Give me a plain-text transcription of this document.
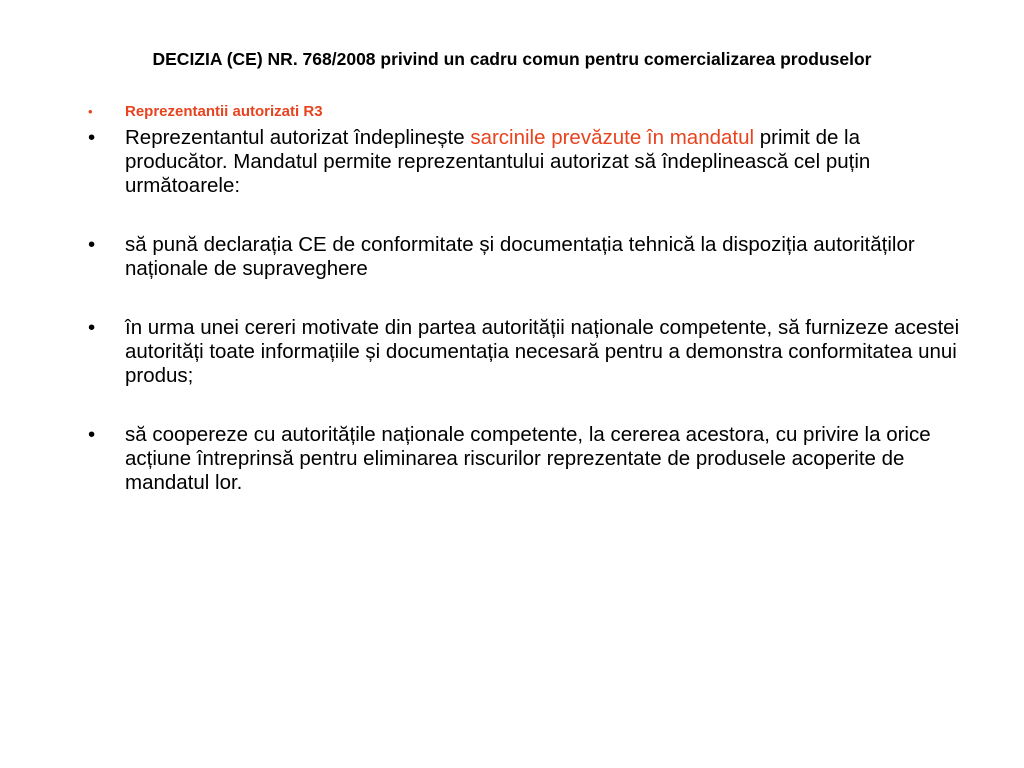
DECIZIA (CE) NR. 768/2008 privind un cadru comun pentru comercializarea produselor
• Reprezentantii autorizati R3
• Reprezentantul autorizat îndeplinește sarcinile prevăzute în mandatul primit de la producător. Mandatul permite reprezentantului autorizat să îndeplinească cel puțin următoarele:
• să pună declarația CE de conformitate și documentația tehnică la dispoziția autorităților naționale de supraveghere
• în urma unei cereri motivate din partea autorității naționale competente, să furnizeze acestei autorități toate informațiile și documentația necesară pentru a demonstra conformitatea unui produs;
• să coopereze cu autoritățile naționale competente, la cererea acestora, cu privire la orice acțiune întreprinsă pentru eliminarea riscurilor reprezentate de produsele acoperite de mandatul lor.
